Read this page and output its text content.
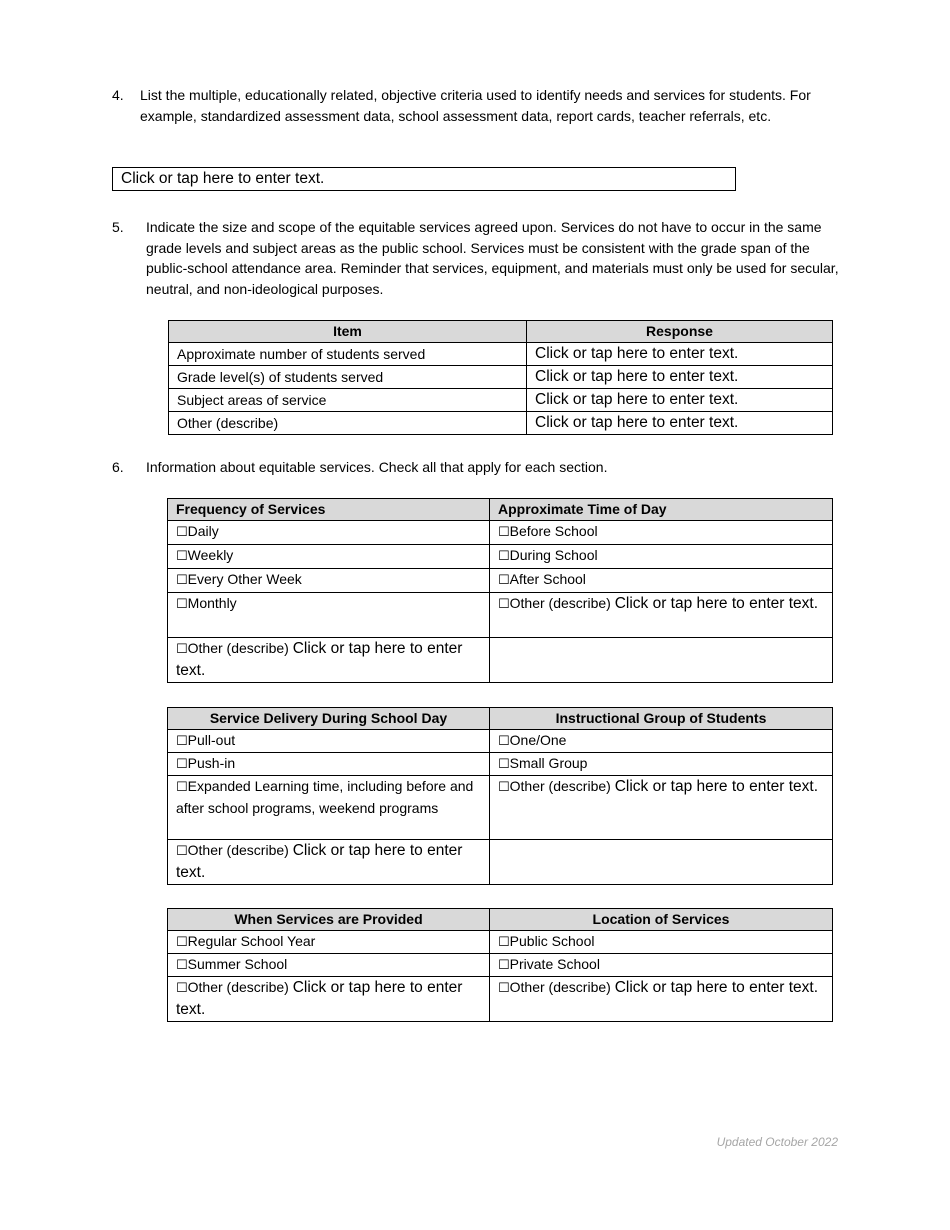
4. List the multiple, educationally related, objective criteria used to identify needs and services for students. For example, standardized assessment data, school assessment data, report cards, teacher referrals, etc.
Click or tap here to enter text.
5. Indicate the size and scope of the equitable services agreed upon. Services do not have to occur in the same grade levels and subject areas as the public school. Services must be consistent with the grade span of the public-school attendance area. Reminder that services, equipment, and materials must only be used for secular, neutral, and non-ideological purposes.
Item	Response
Approximate number of students served	Click or tap here to enter text.
Grade level(s) of students served	Click or tap here to enter text.
Subject areas of service	Click or tap here to enter text.
Other (describe)	Click or tap here to enter text.
6. Information about equitable services. Check all that apply for each section.
Frequency of Services	Approximate Time of Day
☐Daily	☐Before School
☐Weekly	☐During School
☐Every Other Week	☐After School
☐Monthly	☐Other (describe) Click or tap here to enter text.
☐Other (describe) Click or tap here to enter text.	
Service Delivery During School Day	Instructional Group of Students
☐Pull-out	☐One/One
☐Push-in	☐Small Group
☐Expanded Learning time, including before and after school programs, weekend programs	☐Other (describe) Click or tap here to enter text.
☐Other (describe) Click or tap here to enter text.	
When Services are Provided	Location of Services
☐Regular School Year	☐Public School
☐Summer School	☐Private School
☐Other (describe) Click or tap here to enter text.	☐Other (describe) Click or tap here to enter text.
Updated October 2022
